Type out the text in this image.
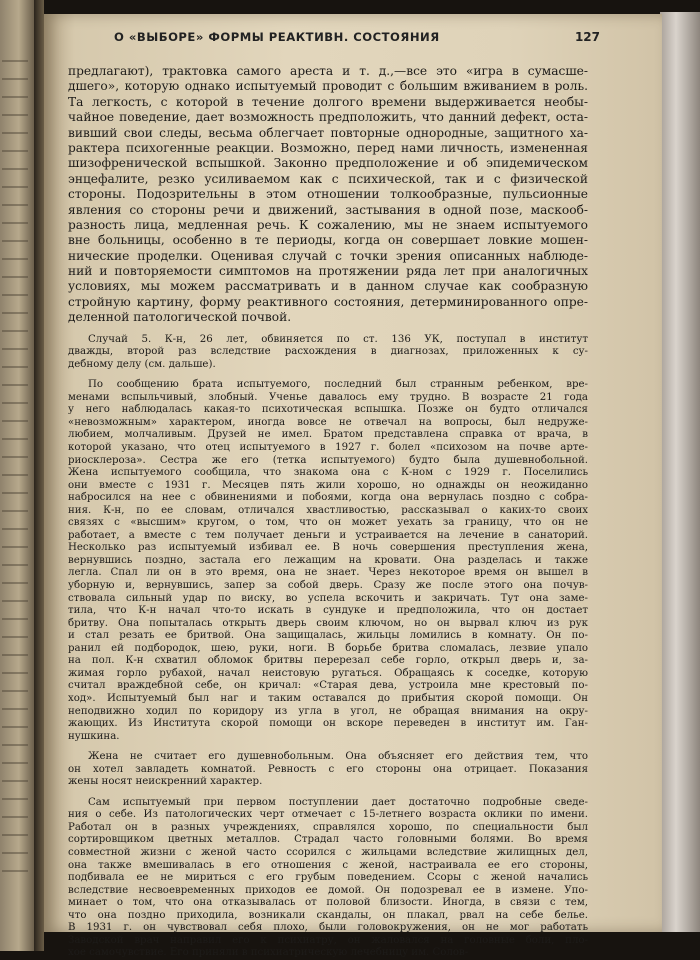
О «ВЫБОРЕ» ФОРМЫ РЕАКТИВН. СОСТОЯНИЯ	127
предлагают), трактовка самого ареста и т. д.,—все это «игра в сумасше-
дшего», которую однако испытуемый проводит с большим вживанием в роль.
Та легкость, с которой в течение долгого времени выдерживается необы-
чайное поведение, дает возможность предположить, что данний дефект, оста-
вивший свои следы, весьма облегчает повторные однородные, защитного ха-
рактера психогенные реакции. Возможно, перед нами личность, измененная
шизофренической вспышкой. Законно предположение и об эпидемическом
энцефалите, резко усиливаемом как с психической, так и с физической
стороны. Подозрительны в этом отношении толкообразные, пульсионные
явления со стороны речи и движений, застывания в одной позе, маскооб-
разность лица, медленная речь. К сожалению, мы не знаем испытуемого
вне больницы, особенно в те периоды, когда он совершает ловкие мошен-
нические проделки. Оценивая случай с точки зрения описанных наблюде-
ний и повторяемости симптомов на протяжении ряда лет при аналогичных
условиях, мы можем рассматривать и в данном случае как сообразную
стройную картину, форму реактивного состояния, детерминированного опре-
деленной патологической почвой.
Случай 5. К-н, 26 лет, обвиняется по ст. 136 УК, поступал в институт
дважды, второй раз вследствие расхождения в диагнозах, приложенных к су-
дебному делу (см. дальше).
По сообщению брата испытуемого, последний был странным ребенком, вре-
менами вспыльчивый, злобный. Ученье давалось ему трудно. В возрасте 21 года
у него наблюдалась какая-то психотическая вспышка. Позже он будто отличался
«невозможным» характером, иногда вовсе не отвечал на вопросы, был недруже-
любием, молчаливым. Друзей не имел. Братом представлена справка от врача, в
которой указано, что отец испытуемого в 1927 г. болел «психозом на почве арте-
риосклероза». Сестра же его (тетка испытуемого) будто была душевнобольной.
Жена испытуемого сообщила, что знакома она с К-ном с 1929 г. Поселились
они вместе с 1931 г. Месяцев пять жили хорошо, но однажды он неожиданно
набросился на нее с обвинениями и побоями, когда она вернулась поздно с собра-
ния. К-н, по ее словам, отличался хвастливостью, рассказывал о каких-то своих
связях с «высшим» кругом, о том, что он может уехать за границу, что он не
работает, а вместе с тем получает деньги и устраивается на лечение в санаторий.
Несколько раз испытуемый избивал ее. В ночь совершения преступления жена,
вернувшись поздно, застала его лежащим на кровати. Она разделась и также
легла. Спал ли он в это время, она не знает. Через некоторое время он вышел в
уборную и, вернувшись, запер за собой дверь. Сразу же после этого она почув-
ствовала сильный удар по виску, во успела вскочить и закричать. Тут она заме-
тила, что К-н начал что-то искать в сундуке и предположила, что он достает
бритву. Она попыталась открыть дверь своим ключом, но он вырвал ключ из рук
и стал резать ее бритвой. Она защищалась, жильцы ломились в комнату. Он по-
ранил ей подбородок, шею, руки, ноги. В борьбе бритва сломалась, лезвие упало
на пол. К-н схватил обломок бритвы перерезал себе горло, открыл дверь и, за-
жимая горло рубахой, начал неистовую ругаться. Обращаясь к соседке, которую
считал враждебной себе, он кричал: «Старая дева, устроила мне крестовый по-
ход». Испытуемый был наг и таким оставался до прибытия скорой помощи. Он
неподвижно ходил по коридору из угла в угол, не обращая внимания на окру-
жающих. Из Института скорой помощи он вскоре переведен в институт им. Ган-
нушкина.
Жена не считает его душевнобольным. Она объясняет его действия тем, что
он хотел завладеть комнатой. Ревность с его стороны она отрицает. Показания
жены носят неискренний характер.
Сам испытуемый при первом поступлении дает достаточно подробные сведе-
ния о себе. Из патологических черт отмечает с 15-летнего возраста оклики по имени.
Работал он в разных учреждениях, справлялся хорошо, по специальности был
сортировщиком цветных металлов. Страдал часто головными болями. Во время
совместной жизни с женой часто ссорился с жильцами вследствие жилищных дел,
она также вмешивалась в его отношения с женой, настраивала ее его стороны,
подбивала ее не мириться с его грубым поведением. Ссоры с женой начались
вследствие несвоевременных приходов ее домой. Он подозревал ее в измене. Упо-
минает о том, что она отказывалась от половой близости. Иногда, в связи с тем,
что она поздно приходила, возникали скандалы, он плакал, рвал на себе белье.
В 1931 г. он чувствовал себя плохо, были головокружения, он не мог работать
Заводской врач направил его к психиатру, он жаловался на головные боли, пло-
хое самочувствие. Его приняли в психиатрическую лечебницу им. Солов-
